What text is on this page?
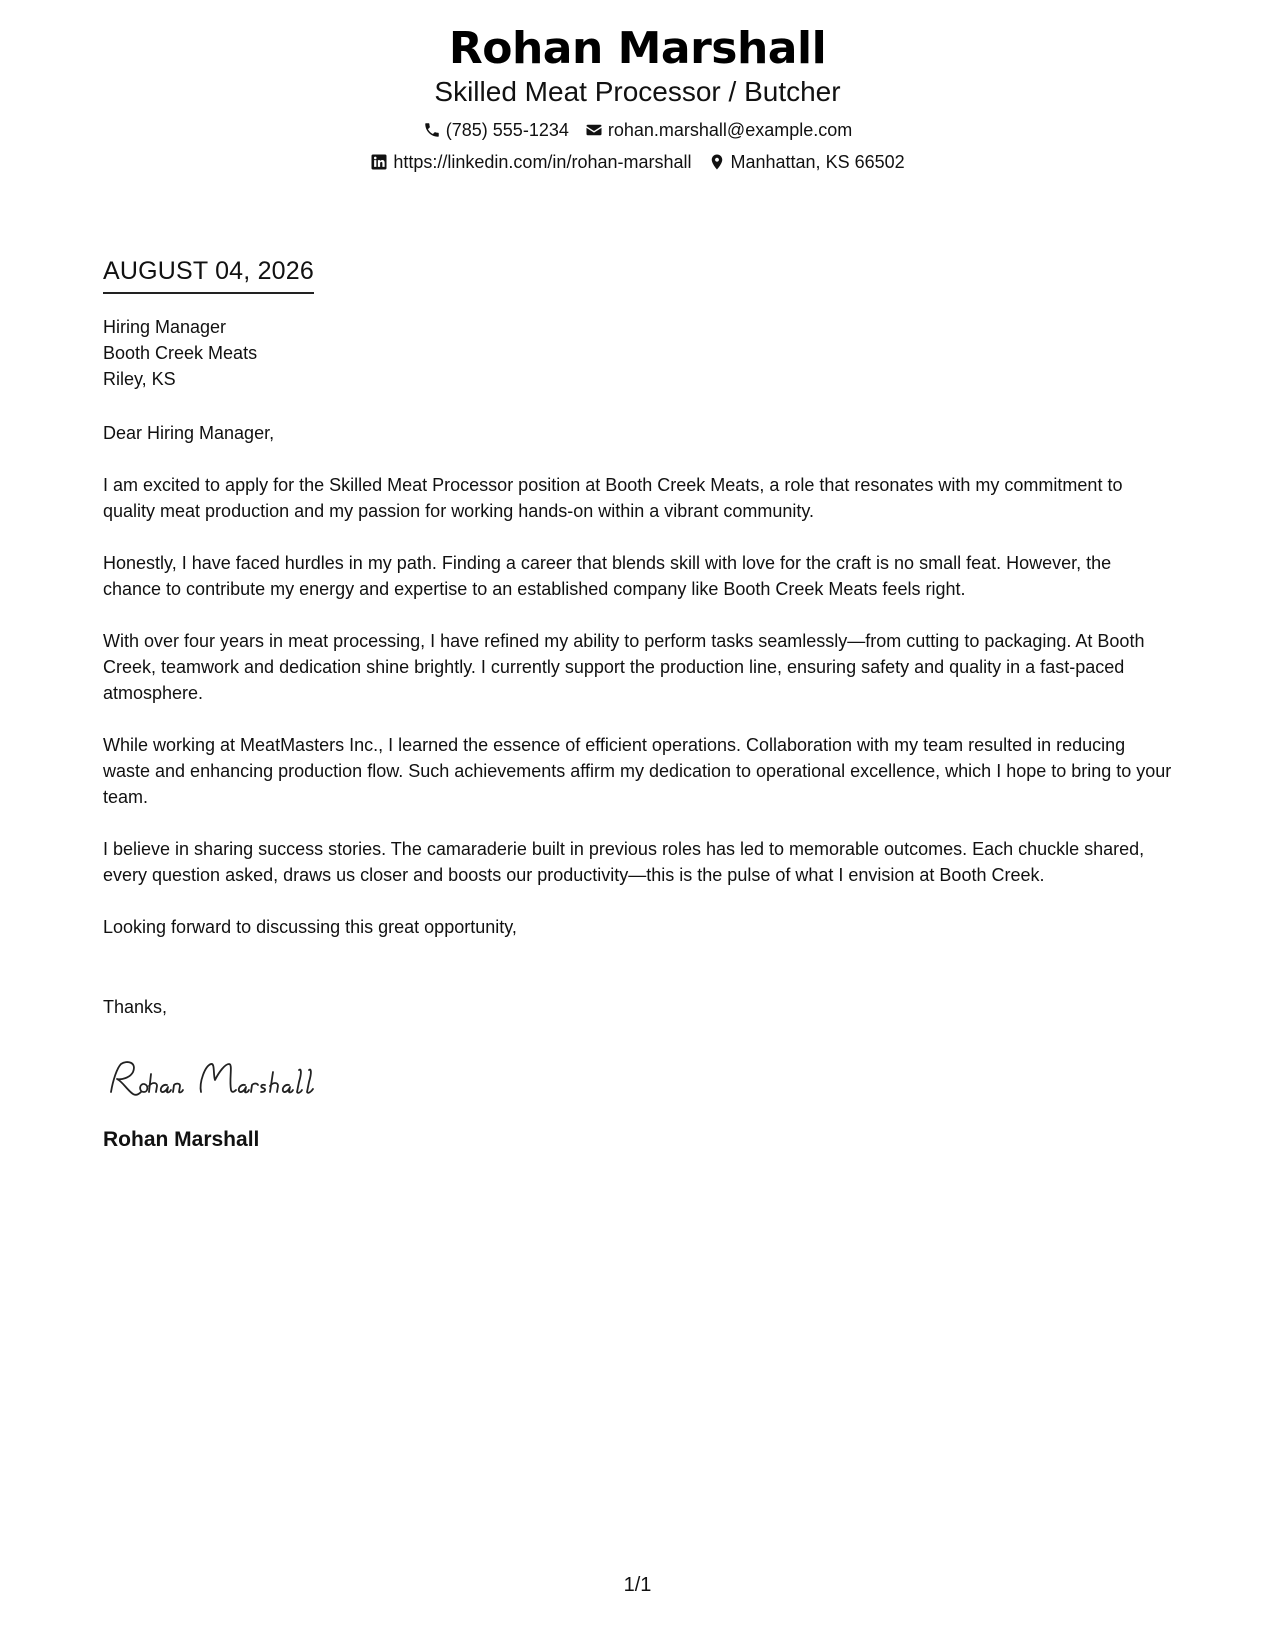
Rohan Marshall
Skilled Meat Processor / Butcher
(785) 555-1234 rohan.marshall@example.com
https://linkedin.com/in/rohan-marshall Manhattan, KS 66502
AUGUST 04, 2026
Hiring Manager
Booth Creek Meats
Riley, KS
Dear Hiring Manager,
I am excited to apply for the Skilled Meat Processor position at Booth Creek Meats, a role that resonates with my commitment to quality meat production and my passion for working hands-on within a vibrant community.
Honestly, I have faced hurdles in my path. Finding a career that blends skill with love for the craft is no small feat. However, the chance to contribute my energy and expertise to an established company like Booth Creek Meats feels right.
With over four years in meat processing, I have refined my ability to perform tasks seamlessly—from cutting to packaging. At Booth Creek, teamwork and dedication shine brightly. I currently support the production line, ensuring safety and quality in a fast-paced atmosphere.
While working at MeatMasters Inc., I learned the essence of efficient operations. Collaboration with my team resulted in reducing waste and enhancing production flow. Such achievements affirm my dedication to operational excellence, which I hope to bring to your team.
I believe in sharing success stories. The camaraderie built in previous roles has led to memorable outcomes. Each chuckle shared, every question asked, draws us closer and boosts our productivity—this is the pulse of what I envision at Booth Creek.
Looking forward to discussing this great opportunity,
Thanks,
Rohan Marshall
1/1
